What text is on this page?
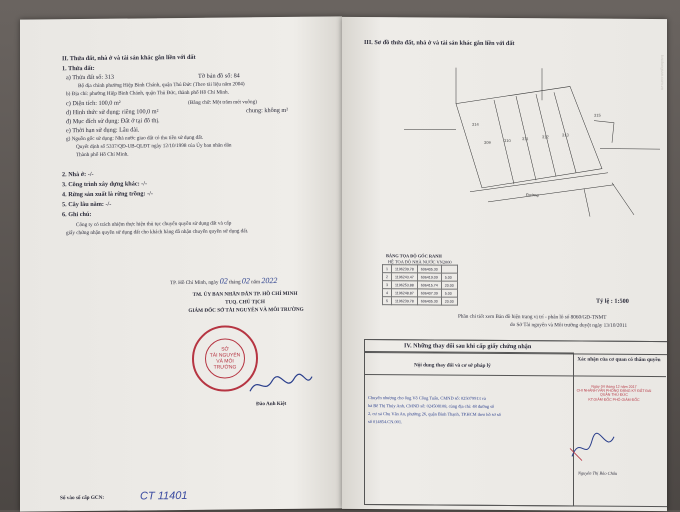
II. Thửa đất, nhà ở và tài sản khác gắn liền với đất
1. Thửa đất:
a) Thửa đất số: 313	Tờ bản đồ số: 84
Bộ địa chính phường Hiệp Bình Chánh, quận Thủ Đức (Theo tài liệu năm 2004)
b) Địa chỉ: phường Hiệp Bình Chánh, quận Thủ Đức, thành phố Hồ Chí Minh.
c) Diện tích: 100,0 m²	(Bằng chữ: Một trăm mét vuông)
d) Hình thức sử dụng: riêng 100,0 m²	chung: không m²
đ) Mục đích sử dụng: Đất ở tại đô thị.
e) Thời hạn sử dụng: Lâu dài.
g) Nguồn gốc sử dụng: Nhà nước giao đất có thu tiền sử dụng đất.
Quyết định số 5337/QĐ-UB-QLĐT ngày 12/10/1998 của Ủy ban nhân dân
Thành phố Hồ Chí Minh.
2. Nhà ở: -/-
3. Công trình xây dựng khác: -/-
4. Rừng sản xuất là rừng trồng: -/-
5. Cây lâu năm: -/-
6. Ghi chú:
Công ty có trách nhiệm thực hiện thủ tục chuyển quyền sử dụng đất và cấp
giấy chứng nhận quyền sử dụng đất cho khách hàng đã nhận chuyển quyền sử dụng đất.
TP. Hồ Chí Minh, ngày 02 tháng 02 năm 2022
TM. ỦY BAN NHÂN DÂN TP. HỒ CHÍ MINH
TUQ. CHỦ TỊCH
GIÁM ĐỐC SỞ TÀI NGUYÊN VÀ MÔI TRƯỜNG
SỞ
TÀI NGUYÊN
VÀ MÔI TRƯỜNG
Đào Anh Kiệt
Số vào sổ cấp GCN:	CT 11401
III. Sơ đồ thửa đất, nhà ở và tài sản khác gắn liền với đất
batdongsan.com.vn
309	310	311	312	313
314
315
Đường
BẢNG TỌA ĐỘ GÓC RANH
HỆ TỌA ĐỘ NHÀ NƯỚC VN2000
1	1196239.78	606405.30	
2	1196243.47	606419.09	5.00
3	1196253.88	606415.74	20.00
4	1196248.87	606407.39	5.00
5	1196239.78	606405.30	20.00	Tỷ lệ : 1:500
Phần chi tiết xem Bản đồ hiện trạng vị trí - phân lô số 8060/GĐ-TNMT
do Sở Tài nguyên và Môi trường duyệt ngày 13/10/2011
IV. Những thay đổi sau khi cấp giấy chứng nhận
Nội dung thay đổi và cơ sở pháp lý
Xác nhận của cơ quan có thẩm quyền
Chuyển nhượng cho ông Võ Công Tuấn, CMND số: 025079913 và
bà Bế Thị Thúy Anh, CMND số: 024508108, cùng địa chỉ: 48 đường số
2, cư xá Chu Văn An, phường 26, quận Bình Thạnh, TP.HCM theo hồ sơ số
số 014854.CN.001.
Ngày 04 tháng 12 năm 2017
CHI NHÁNH VĂN PHÒNG ĐĂNG KÝ ĐẤT ĐAI QUẬN THỦ ĐỨC
KT.GIÁM ĐỐC PHÓ GIÁM ĐỐC
Nguyễn Thị Bảo Châu
